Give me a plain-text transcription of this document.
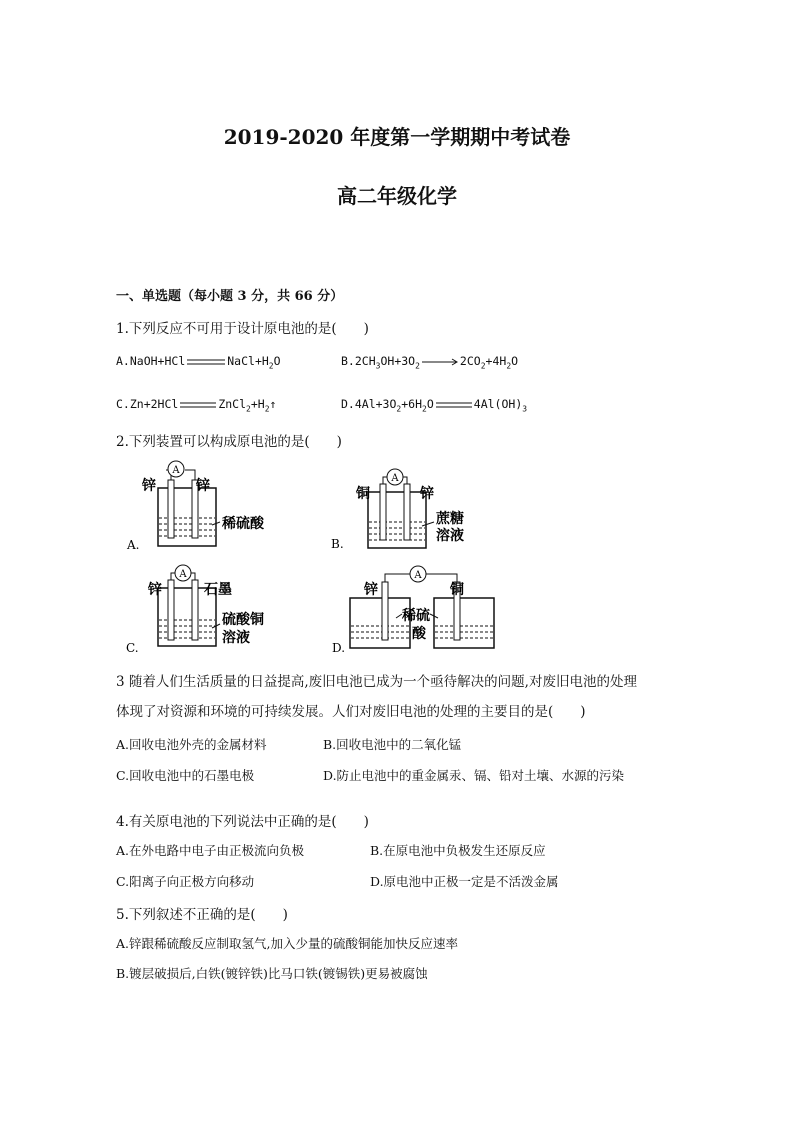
2019-2020 年度第一学期期中考试卷
高二年级化学
一、单选题（每小题 3 分，共 66 分）
1.下列反应不可用于设计原电池的是(　　)
A.NaOH+HCl	$NaCl+H_2O$	$B.2CH_3OH+3O_2\to 2CO_2+4H_2O$
C.Zn+2HCl	$ZnCl_2+H_2↑$	$D.4Al+3O_2+6H_2O$	$4Al(OH)_3$
2.下列装置可以构成原电池的是(　　)
A
锌	锌
稀硫酸
A.
A
铜	锌
蔗糖
溶液
B.
A
锌	石墨
硫酸铜
溶液
C.
A
锌	铜
稀硫
酸
D.
3 随着人们生活质量的日益提高,废旧电池已成为一个亟待解决的问题,对废旧电池的处理
体现了对资源和环境的可持续发展。人们对废旧电池的处理的主要目的是(　　)
A.回收电池外壳的金属材料	B.回收电池中的二氧化锰
C.回收电池中的石墨电极	D.防止电池中的重金属汞、镉、铅对土壤、水源的污染
4.有关原电池的下列说法中正确的是(　　)
A.在外电路中电子由正极流向负极	B.在原电池中负极发生还原反应
C.阳离子向正极方向移动	D.原电池中正极一定是不活泼金属
5.下列叙述不正确的是(　　)
A.锌跟稀硫酸反应制取氢气,加入少量的硫酸铜能加快反应速率
B.镀层破损后,白铁(镀锌铁)比马口铁(镀锡铁)更易被腐蚀
